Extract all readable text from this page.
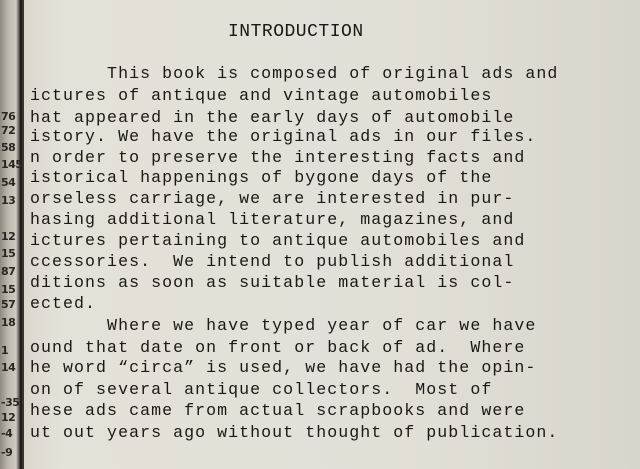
76
72
58
145
54
13
12
15
87
15
57
18
1
14
-35
12
-4
-9
INTRODUCTION
This book is composed of original ads and
ictures of antique and vintage automobiles
hat appeared in the early days of automobile
istory. We have the original ads in our files.
n order to preserve the interesting facts and
istorical happenings of bygone days of the
orseless carriage, we are interested in pur-
hasing additional literature, magazines, and
ictures pertaining to antique automobiles and
ccessories.  We intend to publish additional
ditions as soon as suitable material is col-
ected.
Where we have typed year of car we have
ound that date on front or back of ad.  Where
he word “circa” is used, we have had the opin-
on of several antique collectors.  Most of
hese ads came from actual scrapbooks and were
ut out years ago without thought of publication.
